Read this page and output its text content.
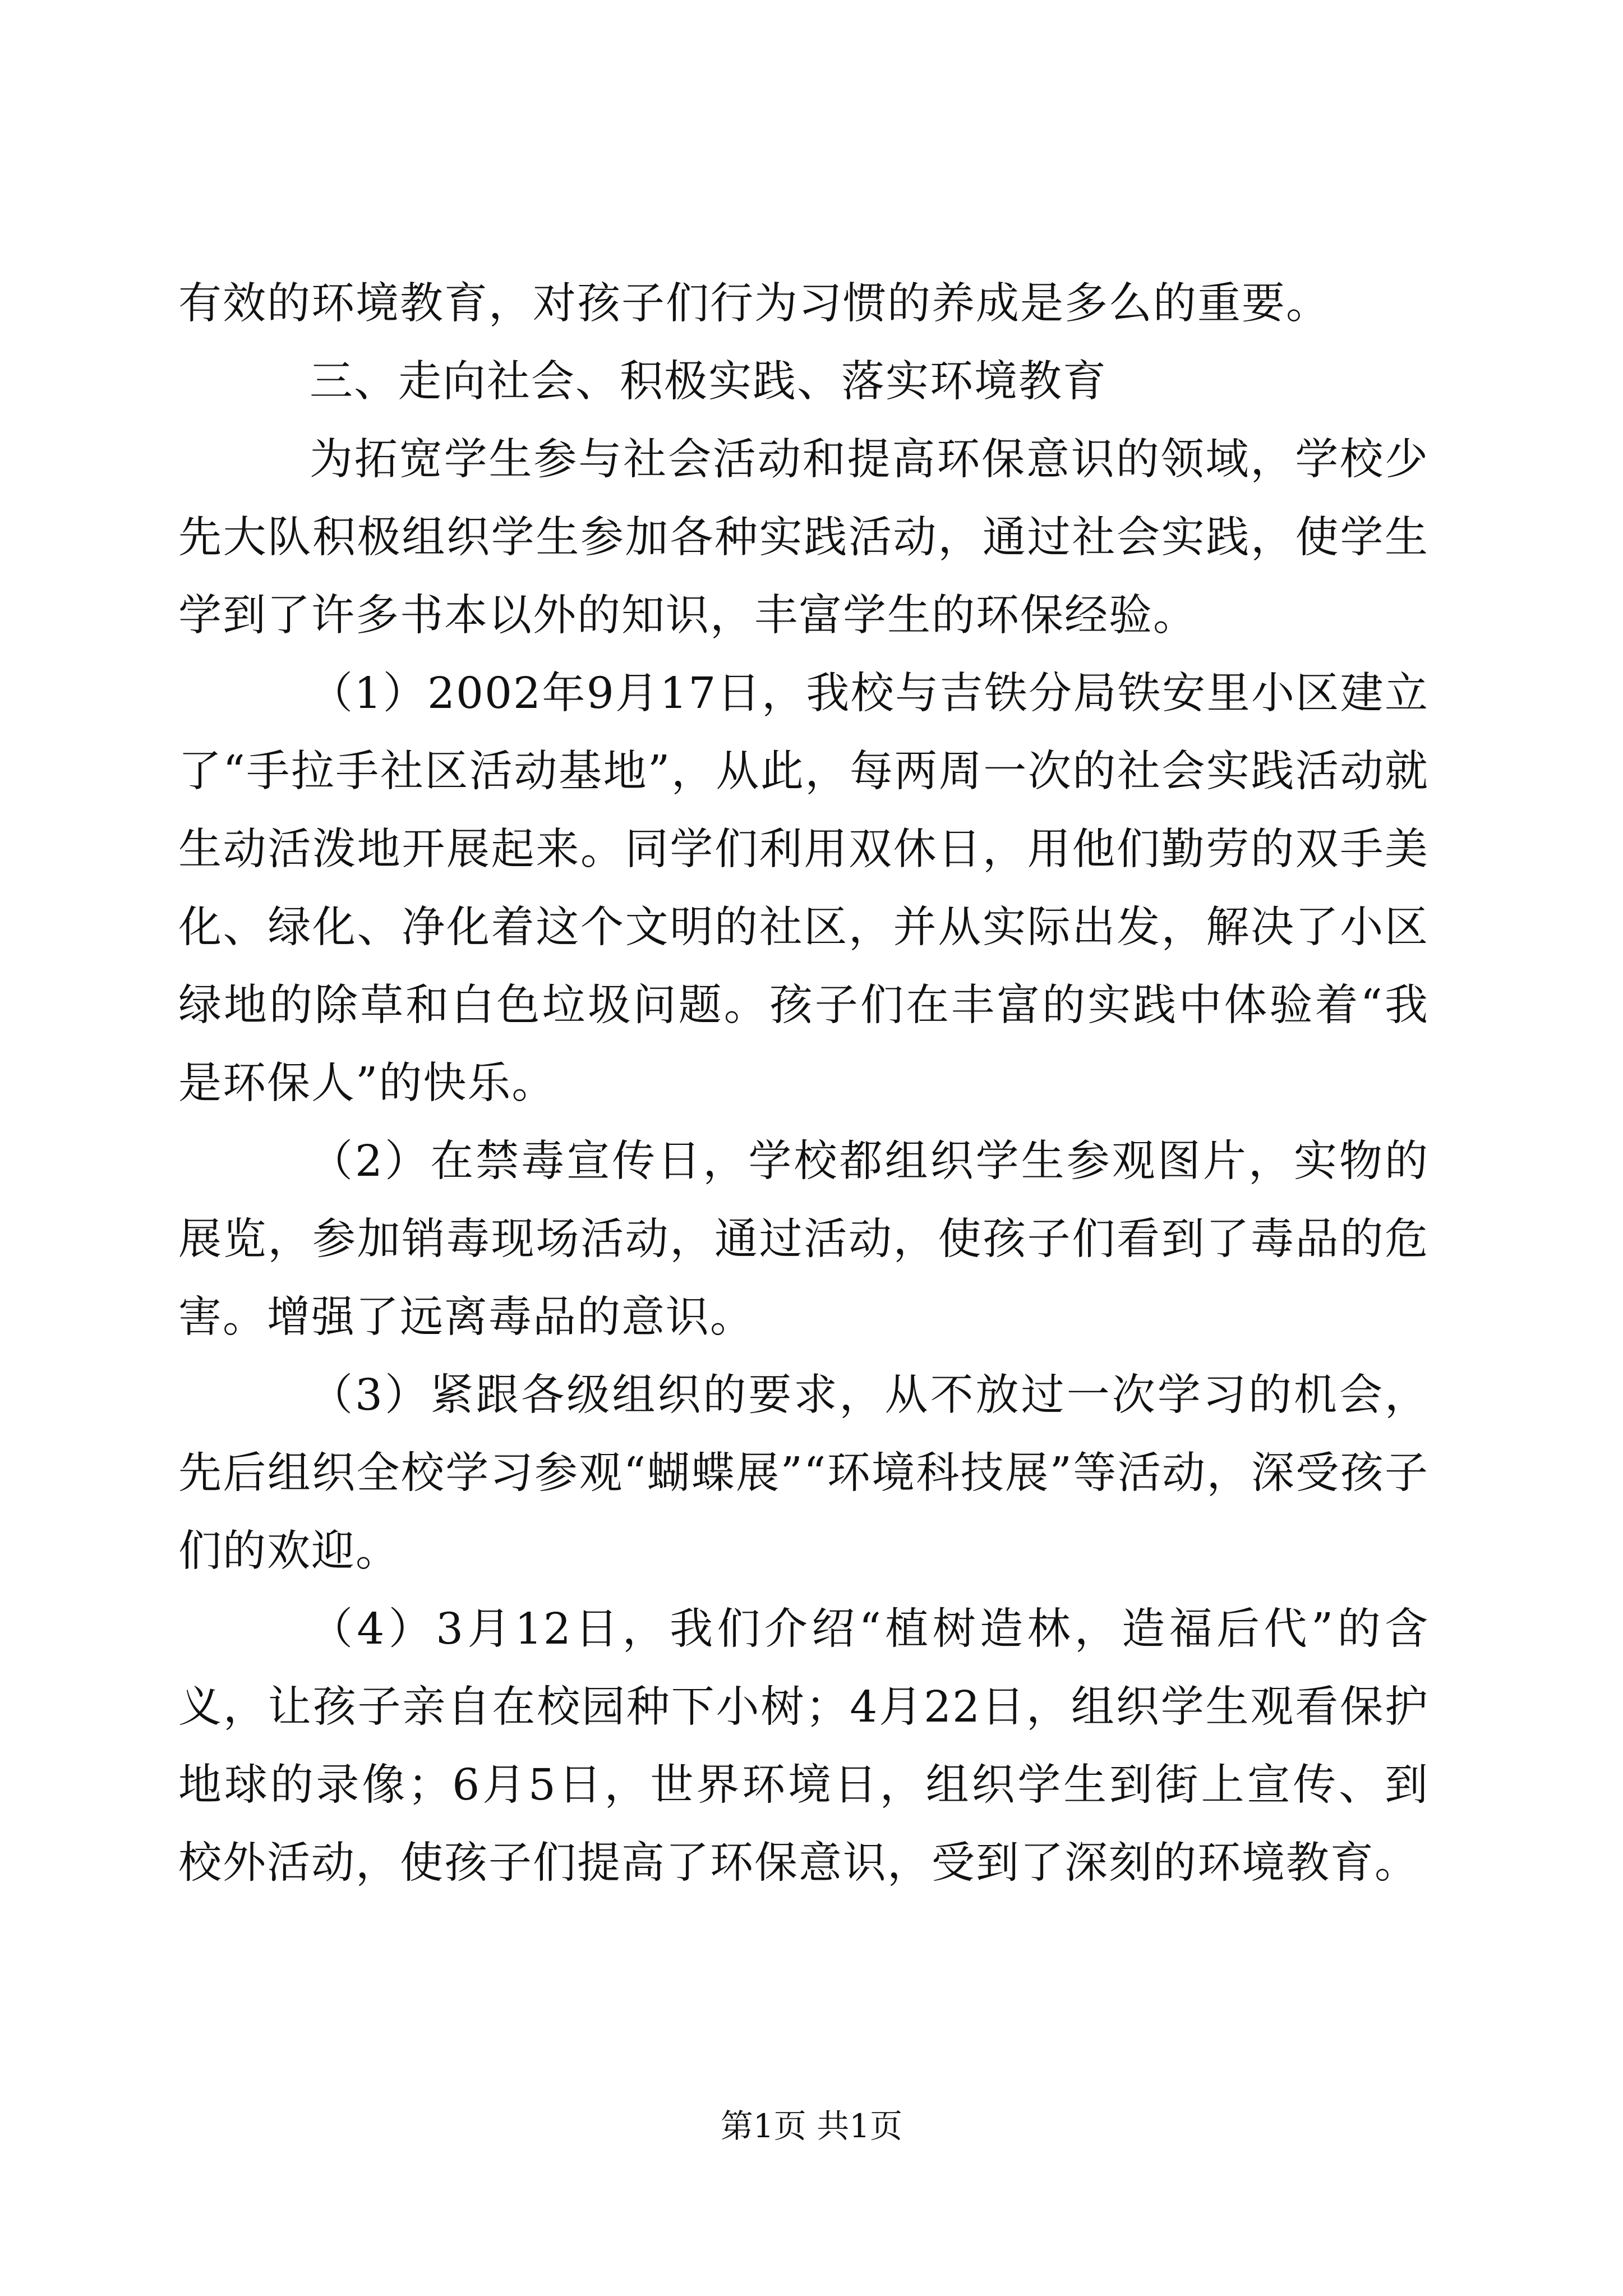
有效的环境教育，对孩子们行为习惯的养成是多么的重要。

三、走向社会、积极实践、落实环境教育

为拓宽学生参与社会活动和提高环保意识的领域，学校少先大队积极组织学生参加各种实践活动，通过社会实践，使学生学到了许多书本以外的知识，丰富学生的环保经验。

（1）2002年9月17日，我校与吉铁分局铁安里小区建立了“手拉手社区活动基地”，从此，每两周一次的社会实践活动就生动活泼地开展起来。同学们利用双休日，用他们勤劳的双手美化、绿化、净化着这个文明的社区，并从实际出发，解决了小区绿地的除草和白色垃圾问题。孩子们在丰富的实践中体验着“我是环保人”的快乐。

（2）在禁毒宣传日，学校都组织学生参观图片，实物的展览，参加销毒现场活动，通过活动，使孩子们看到了毒品的危害。增强了远离毒品的意识。

（3）紧跟各级组织的要求，从不放过一次学习的机会，先后组织全校学习参观“蝴蝶展”“环境科技展”等活动，深受孩子们的欢迎。

（4）3月12日，我们介绍“植树造林，造福后代”的含义，让孩子亲自在校园种下小树；4月22日，组织学生观看保护地球的录像；6月5日，世界环境日，组织学生到街上宣传、到校外活动，使孩子们提高了环保意识，受到了深刻的环境教育。

第1页 共1页
